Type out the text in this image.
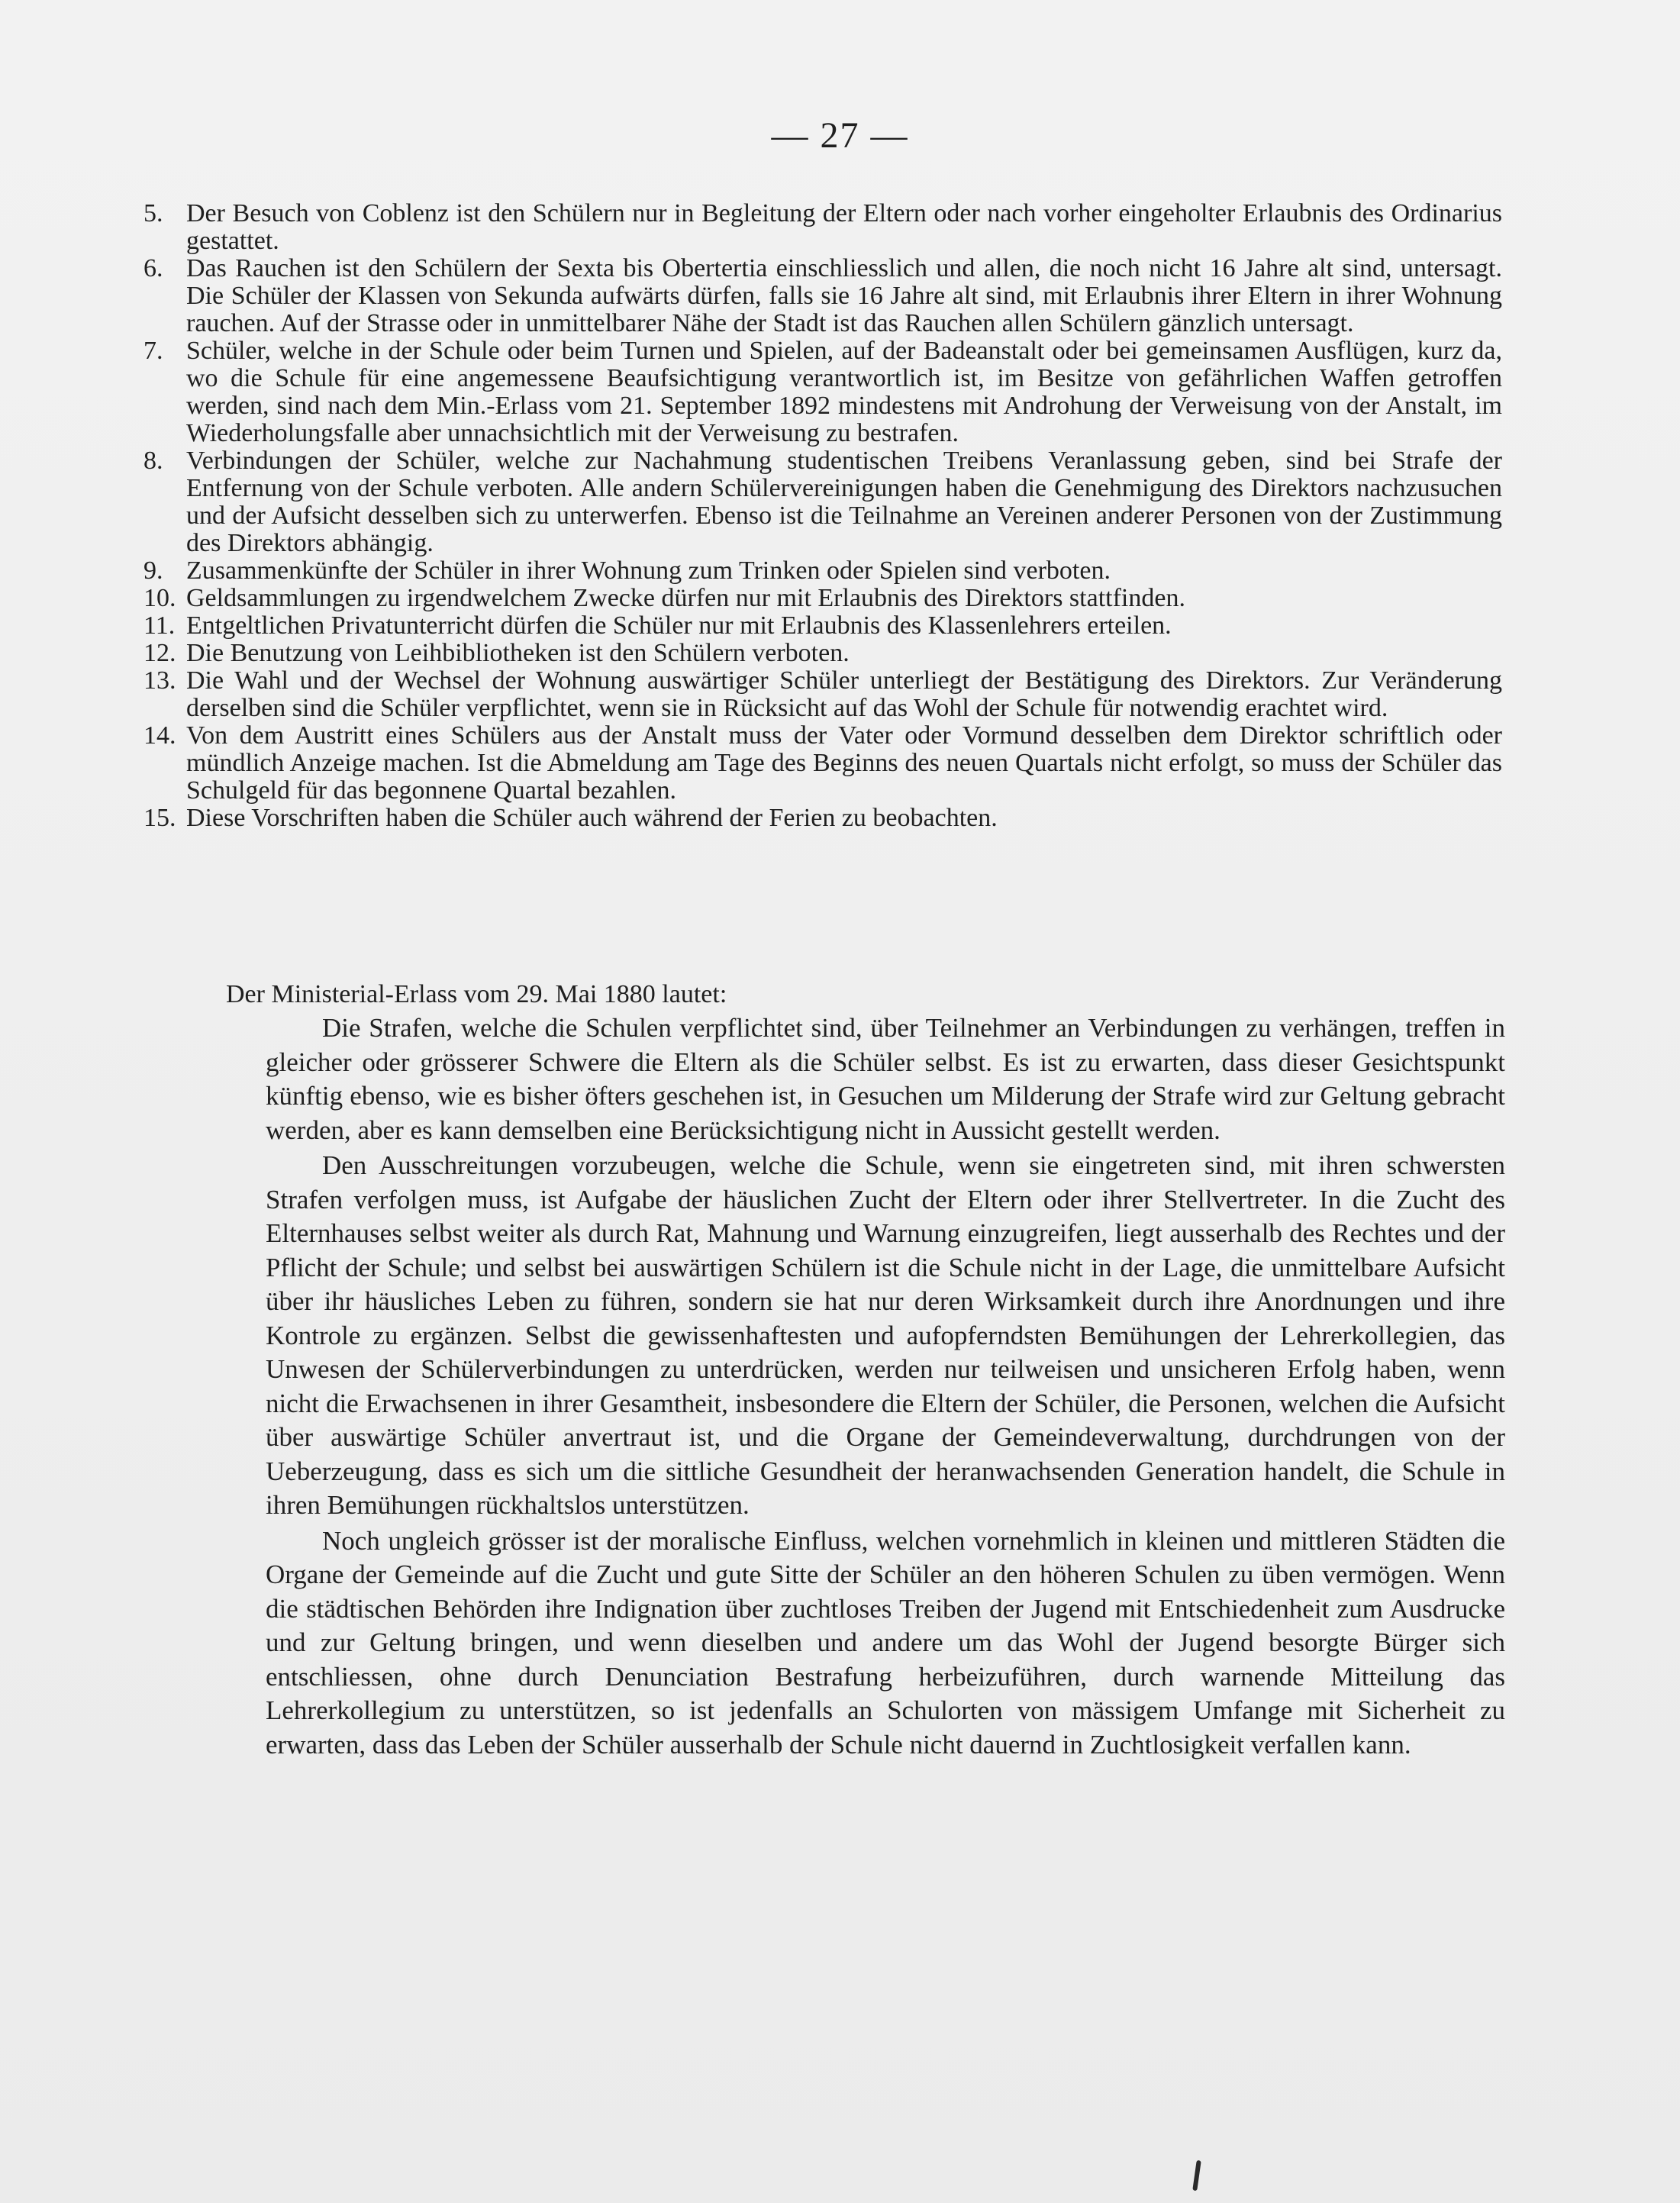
— 27 —
5. Der Besuch von Coblenz ist den Schülern nur in Begleitung der Eltern oder nach vorher eingeholter Erlaubnis des Ordinarius gestattet.
6. Das Rauchen ist den Schülern der Sexta bis Obertertia einschliesslich und allen, die noch nicht 16 Jahre alt sind, untersagt. Die Schüler der Klassen von Sekunda aufwärts dürfen, falls sie 16 Jahre alt sind, mit Erlaubnis ihrer Eltern in ihrer Wohnung rauchen. Auf der Strasse oder in unmittelbarer Nähe der Stadt ist das Rauchen allen Schülern gänzlich untersagt.
7. Schüler, welche in der Schule oder beim Turnen und Spielen, auf der Badeanstalt oder bei gemeinsamen Ausflügen, kurz da, wo die Schule für eine angemessene Beaufsichtigung verantwortlich ist, im Besitze von gefährlichen Waffen getroffen werden, sind nach dem Min.-Erlass vom 21. September 1892 mindestens mit Androhung der Verweisung von der Anstalt, im Wiederholungsfalle aber unnachsichtlich mit der Verweisung zu bestrafen.
8. Verbindungen der Schüler, welche zur Nachahmung studentischen Treibens Veranlassung geben, sind bei Strafe der Entfernung von der Schule verboten. Alle andern Schülervereinigungen haben die Genehmigung des Direktors nachzusuchen und der Aufsicht desselben sich zu unterwerfen. Ebenso ist die Teilnahme an Vereinen anderer Personen von der Zustimmung des Direktors abhängig.
9. Zusammenkünfte der Schüler in ihrer Wohnung zum Trinken oder Spielen sind verboten.
10. Geldsammlungen zu irgendwelchem Zwecke dürfen nur mit Erlaubnis des Direktors stattfinden.
11. Entgeltlichen Privatunterricht dürfen die Schüler nur mit Erlaubnis des Klassenlehrers erteilen.
12. Die Benutzung von Leihbibliotheken ist den Schülern verboten.
13. Die Wahl und der Wechsel der Wohnung auswärtiger Schüler unterliegt der Bestätigung des Direktors. Zur Veränderung derselben sind die Schüler verpflichtet, wenn sie in Rücksicht auf das Wohl der Schule für notwendig erachtet wird.
14. Von dem Austritt eines Schülers aus der Anstalt muss der Vater oder Vormund desselben dem Direktor schriftlich oder mündlich Anzeige machen. Ist die Abmeldung am Tage des Beginns des neuen Quartals nicht erfolgt, so muss der Schüler das Schulgeld für das begonnene Quartal bezahlen.
15. Diese Vorschriften haben die Schüler auch während der Ferien zu beobachten.
Der Ministerial-Erlass vom 29. Mai 1880 lautet:

Die Strafen, welche die Schulen verpflichtet sind, über Teilnehmer an Verbindungen zu verhängen, treffen in gleicher oder grösserer Schwere die Eltern als die Schüler selbst. Es ist zu erwarten, dass dieser Gesichtspunkt künftig ebenso, wie es bisher öfters geschehen ist, in Gesuchen um Milderung der Strafe wird zur Geltung gebracht werden, aber es kann demselben eine Berücksichtigung nicht in Aussicht gestellt werden.

Den Ausschreitungen vorzubeugen, welche die Schule, wenn sie eingetreten sind, mit ihren schwersten Strafen verfolgen muss, ist Aufgabe der häuslichen Zucht der Eltern oder ihrer Stellvertreter. In die Zucht des Elternhauses selbst weiter als durch Rat, Mahnung und Warnung einzugreifen, liegt ausserhalb des Rechtes und der Pflicht der Schule; und selbst bei auswärtigen Schülern ist die Schule nicht in der Lage, die unmittelbare Aufsicht über ihr häusliches Leben zu führen, sondern sie hat nur deren Wirksamkeit durch ihre Anordnungen und ihre Kontrole zu ergänzen. Selbst die gewissenhaftesten und aufopferndsten Bemühungen der Lehrerkollegien, das Unwesen der Schülerverbindungen zu unterdrücken, werden nur teilweisen und unsicheren Erfolg haben, wenn nicht die Erwachsenen in ihrer Gesamtheit, insbesondere die Eltern der Schüler, die Personen, welchen die Aufsicht über auswärtige Schüler anvertraut ist, und die Organe der Gemeindeverwaltung, durchdrungen von der Ueberzeugung, dass es sich um die sittliche Gesundheit der heranwachsenden Generation handelt, die Schule in ihren Bemühungen rückhaltslos unterstützen.

Noch ungleich grösser ist der moralische Einfluss, welchen vornehmlich in kleinen und mittleren Städten die Organe der Gemeinde auf die Zucht und gute Sitte der Schüler an den höheren Schulen zu üben vermögen. Wenn die städtischen Behörden ihre Indignation über zuchtloses Treiben der Jugend mit Entschiedenheit zum Ausdrucke und zur Geltung bringen, und wenn dieselben und andere um das Wohl der Jugend besorgte Bürger sich entschliessen, ohne durch Denunciation Bestrafung herbeizuführen, durch warnende Mitteilung das Lehrerkollegium zu unterstützen, so ist jedenfalls an Schulorten von mässigem Umfange mit Sicherheit zu erwarten, dass das Leben der Schüler ausserhalb der Schule nicht dauernd in Zuchtlosigkeit verfallen kann.
